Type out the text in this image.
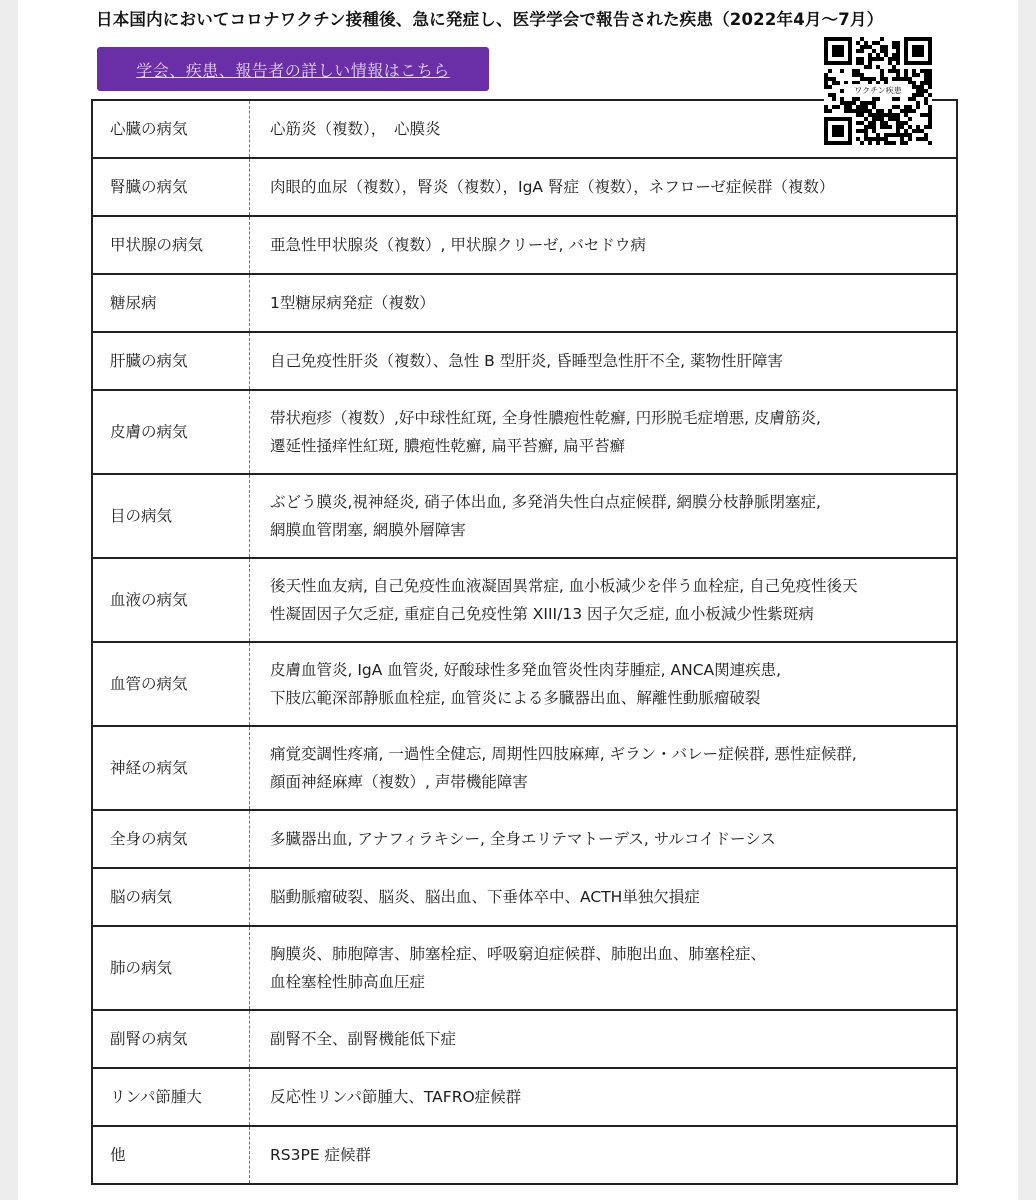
日本国内においてコロナワクチン接種後、急に発症し、医学学会で報告された疾患（2022年4月〜7月）
学会、疾患、報告者の詳しい情報はこちら
ワクチン疾患
心臓の病気	心筋炎（複数），　心膜炎

腎臓の病気	肉眼的血尿（複数），腎炎（複数），IgA 腎症（複数），ネフローゼ症候群（複数）

甲状腺の病気	亜急性甲状腺炎（複数）, 甲状腺クリーゼ, バセドウ病

糖尿病	1型糖尿病発症（複数）

肝臓の病気	自己免疫性肝炎（複数）、急性 B 型肝炎, 昏睡型急性肝不全, 薬物性肝障害

皮膚の病気	帯状疱疹（複数）,好中球性紅斑, 全身性膿疱性乾癬, 円形脱毛症増悪, 皮膚筋炎,
遷延性掻痒性紅斑, 膿疱性乾癬, 扁平苔癬, 扁平苔癬

目の病気	ぶどう膜炎,視神経炎, 硝子体出血, 多発消失性白点症候群, 網膜分枝静脈閉塞症,
網膜血管閉塞, 網膜外層障害

血液の病気	後天性血友病, 自己免疫性血液凝固異常症, 血小板減少を伴う血栓症, 自己免疫性後天
性凝固因子欠乏症, 重症自己免疫性第 XIII/13 因子欠乏症, 血小板減少性紫斑病

血管の病気	皮膚血管炎, IgA 血管炎, 好酸球性多発血管炎性肉芽腫症, ANCA関連疾患,
下肢広範深部静脈血栓症, 血管炎による多臓器出血、解離性動脈瘤破裂

神経の病気	痛覚変調性疼痛, 一過性全健忘, 周期性四肢麻痺, ギラン・バレー症候群, 悪性症候群,
顔面神経麻痺（複数）, 声帯機能障害

全身の病気	多臓器出血, アナフィラキシー, 全身エリテマトーデス, サルコイドーシス

脳の病気	脳動脈瘤破裂、脳炎、脳出血、下垂体卒中、ACTH単独欠損症

肺の病気	胸膜炎、肺胞障害、肺塞栓症、呼吸窮迫症候群、肺胞出血、肺塞栓症、
血栓塞栓性肺高血圧症

副腎の病気	副腎不全、副腎機能低下症

リンパ節腫大	反応性リンパ節腫大、TAFRO症候群

他	RS3PE 症候群
